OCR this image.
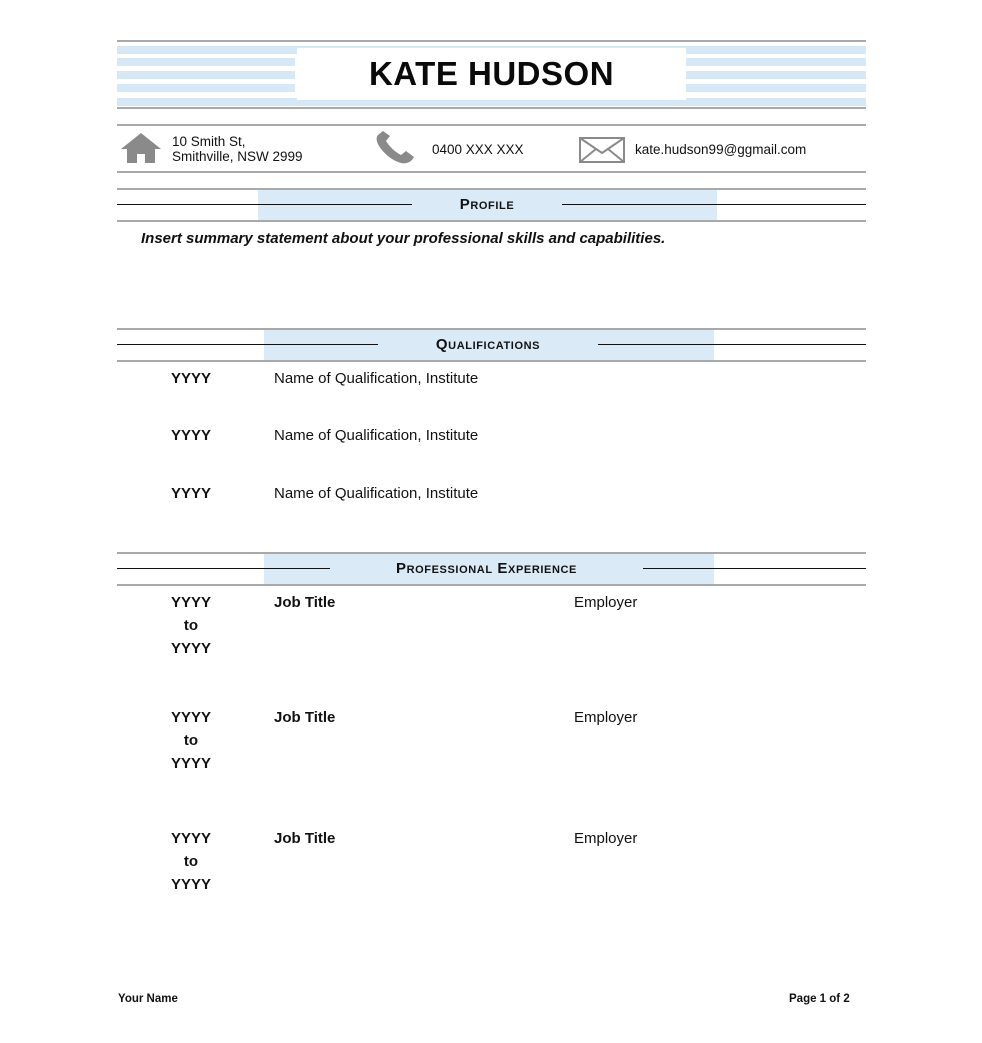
KATE HUDSON
10 Smith St,
Smithville, NSW 2999	0400 XXX XXX	kate.hudson99@ggmail.com
Profile
Insert summary statement about your professional skills and capabilities.
Qualifications
YYYY	Name of Qualification, Institute
YYYY	Name of Qualification, Institute
YYYY	Name of Qualification, Institute
Professional Experience
YYYY
to
YYYY
Job Title	Employer
YYYY
to
YYYY
Job Title	Employer
YYYY
to
YYYY
Job Title	Employer
Your Name	Page 1 of 2
